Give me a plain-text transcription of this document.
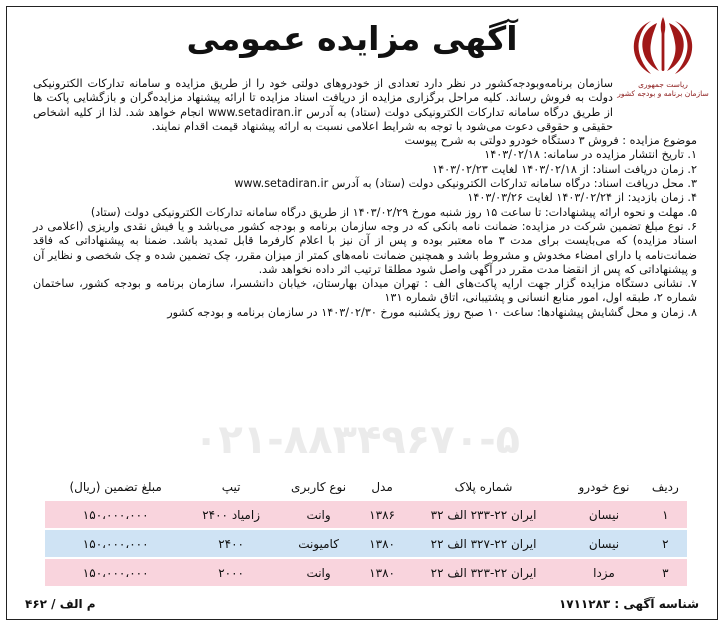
ریاست جمهوری
سازمان برنامه و بودجه کشور
آگهی مزایده عمومی

سازمان برنامه‌وبودجه‌کشور در نظر دارد تعدادی از خودروهای دولتی خود را از طریق مزایده و سامانه تدارکات الکترونیکی دولت به فروش رساند. کلیه مراحل برگزاری مزایده از دریافت اسناد مزایده تا ارائه پیشنهاد مزایده‌گران و بازگشایی پاکت ها از طریق درگاه سامانه تدارکات الکترونیکی دولت (ستاد) به آدرس www.setadiran.ir انجام خواهد شد. لذا از کلیه اشخاص حقیقی و حقوقی دعوت می‌شود با توجه به شرایط اعلامی نسبت به ارائه پیشنهاد قیمت اقدام نمایند.

موضوع مزایده : فروش ۳ دستگاه خودرو دولتی به شرح پیوست

۱. تاریخ انتشار مزایده در سامانه: ۱۴۰۳/۰۲/۱۸

۲. زمان دریافت اسناد: از ۱۴۰۳/۰۲/۱۸ لغایت ۱۴۰۳/۰۲/۲۳

۳. محل دریافت اسناد: درگاه سامانه تدارکات الکترونیکی دولت (ستاد) به آدرس www.setadiran.ir

۴. زمان بازدید: از ۱۴۰۳/۰۲/۲۴ لغایت ۱۴۰۳/۰۳/۲۶

۵. مهلت و نحوه ارائه پیشنهادات: تا ساعت ۱۵ روز شنبه مورخ ۱۴۰۳/۰۲/۲۹ از طریق درگاه سامانه تدارکات الکترونیکی دولت (ستاد)

۶. نوع مبلغ تضمین شرکت در مزایده: ضمانت نامه بانکی که در وجه سازمان برنامه و بودجه کشور می‌باشد و یا فیش نقدی واریزی (اعلامی در اسناد مزایده) که می‌بایست برای مدت ۳ ماه معتبر بوده و پس از آن نیز با اعلام کارفرما قابل تمدید باشد. ضمنا به پیشنهاداتی که فاقد ضمانت‌نامه یا دارای امضاء مخدوش و مشروط باشد و همچنین ضمانت نامه‌های کمتر از میزان مقرر، چک تضمین شده و چک شخصی و نظایر آن و پیشنهاداتی که پس از انقضا مدت مقرر در آگهی واصل شود مطلقا ترتیب اثر داده نخواهد شد.

۷. نشانی دستگاه مزایده گزار جهت ارایه پاکت‌های الف : تهران میدان بهارستان، خیابان دانشسرا، سازمان برنامه و بودجه کشور، ساختمان شماره ۲، طبقه اول، امور منابع انسانی و پشتیبانی، اتاق شماره ۱۳۱

۸. زمان و محل گشایش پیشنهادها: ساعت ۱۰ صبح روز یکشنبه مورخ ۱۴۰۳/۰۲/۳۰ در سازمان برنامه و بودجه کشور

۰۲۱-۸۸۳۴۹۶۷۰-۵
ردیف	نوع خودرو	شماره پلاک	مدل	نوع کاربری	تیپ	مبلغ تضمین (ریال)
۱	نیسان	ایران ۲۲-۲۳۳ الف ۳۲	۱۳۸۶	وانت	زامیاد ۲۴۰۰	۱۵۰،۰۰۰،۰۰۰
۲	نیسان	ایران ۲۲-۳۲۷ الف ۲۲	۱۳۸۰	کامیونت	۲۴۰۰	۱۵۰،۰۰۰،۰۰۰
۳	مزدا	ایران ۲۲-۳۲۳ الف ۲۲	۱۳۸۰	وانت	۲۰۰۰	۱۵۰،۰۰۰،۰۰۰
شناسه آگهی : ۱۷۱۱۲۸۳
م الف / ۴۶۲
